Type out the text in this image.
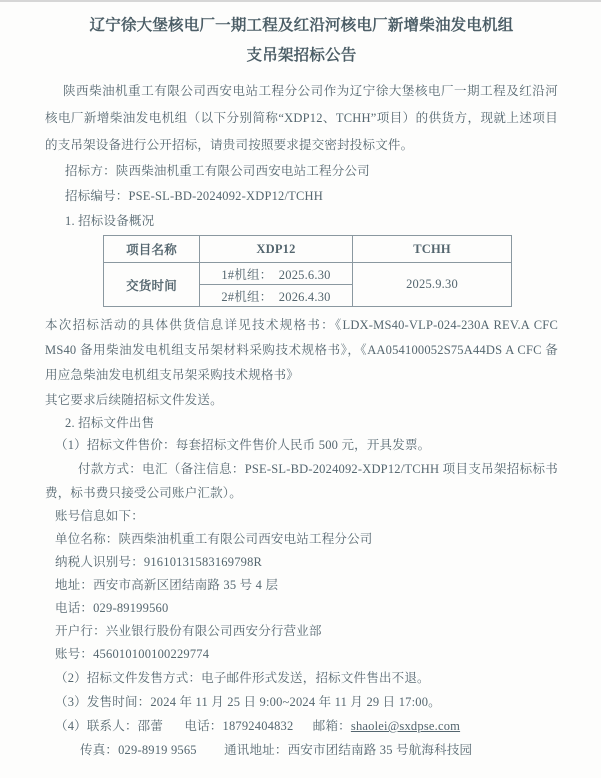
辽宁徐大堡核电厂一期工程及红沿河核电厂新增柴油发电机组
支吊架招标公告

陕西柴油机重工有限公司西安电站工程分公司作为辽宁徐大堡核电厂一期工程及红沿河核电厂新增柴油发电机组（以下分别简称“XDP12、TCHH”项目）的供货方，现就上述项目的支吊架设备进行公开招标，请贵司按照要求提交密封投标文件。

招标方：陕西柴油机重工有限公司西安电站工程分公司

招标编号：PSE-SL-BD-2024092-XDP12/TCHH

1. 招标设备概况

项目名称	XDP12	TCHH
交货时间	1#机组：　2025.6.30	2025.9.30
	2#机组：　2026.4.30	

本次招标活动的具体供货信息详见技术规格书：《LDX-MS40-VLP-024-230A REV.A CFC MS40 备用柴油发电机组支吊架材料采购技术规格书》，《AA054100052S75A44DS A CFC 备用应急柴油发电机组支吊架采购技术规格书》

其它要求后续随招标文件发送。

2. 招标文件出售

（1）招标文件售价：每套招标文件售价人民币 500 元，开具发票。

付款方式：电汇（备注信息：PSE-SL-BD-2024092-XDP12/TCHH 项目支吊架招标标书费，标书费只接受公司账户汇款）。

账号信息如下：

单位名称：陕西柴油机重工有限公司西安电站工程分公司

纳税人识别号：91610131583169798R

地址：西安市高新区团结南路 35 号 4 层

电话：029-89199560

开户行：兴业银行股份有限公司西安分行营业部

账号：456010100100229774

（2）招标文件发售方式：电子邮件形式发送，招标文件售出不退。

（3）发售时间：2024 年 11 月 25 日 9:00~2024 年 11 月 29 日 17:00。

（4）联系人：邵蕾 电话：18792404832 邮箱：shaolei@sxdpse.com

传真：029-8919 9565 通讯地址：西安市团结南路 35 号航海科技园
